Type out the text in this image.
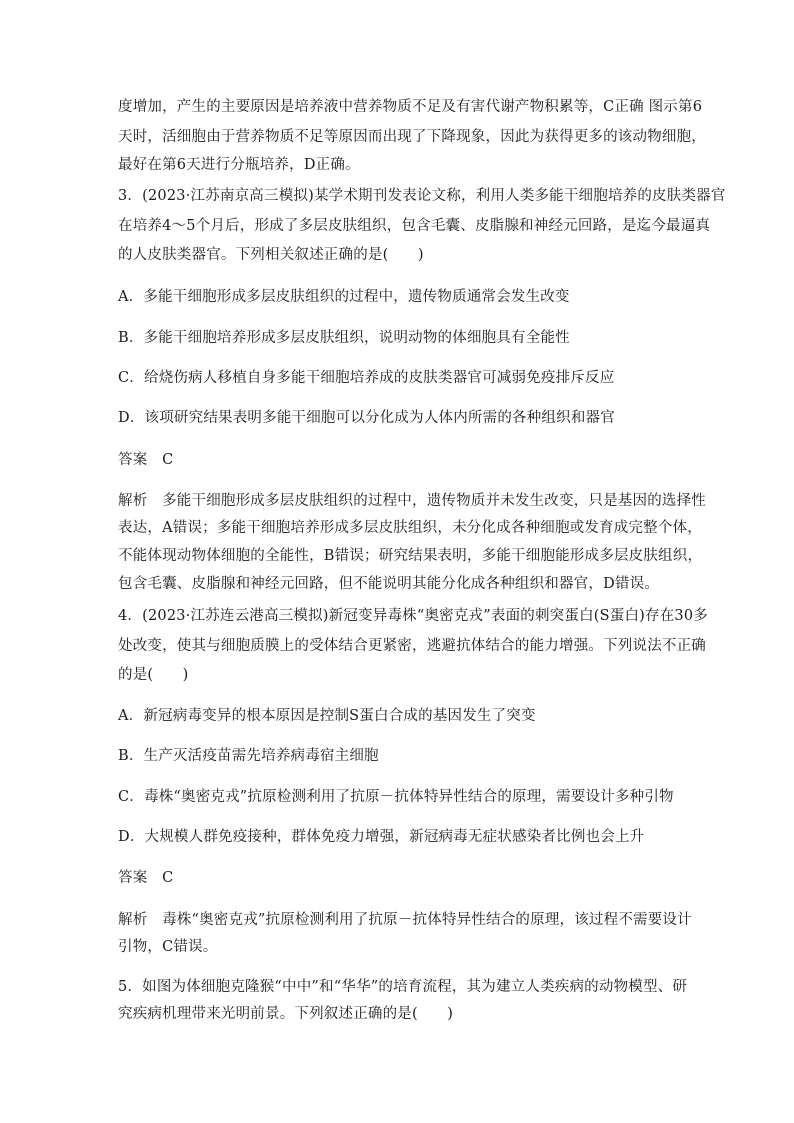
度增加，产生的主要原因是培养液中营养物质不足及有害代谢产物积累等，C正确 图示第6
天时，活细胞由于营养物质不足等原因而出现了下降现象，因此为获得更多的该动物细胞，
最好在第6天进行分瓶培养，D正确。
3．(2023·江苏南京高三模拟)某学术期刊发表论文称，利用人类多能干细胞培养的皮肤类器官
在培养4～5个月后，形成了多层皮肤组织，包含毛囊、皮脂腺和神经元回路，是迄今最逼真
的人皮肤类器官。下列相关叙述正确的是(　　)
A．多能干细胞形成多层皮肤组织的过程中，遗传物质通常会发生改变
B．多能干细胞培养形成多层皮肤组织，说明动物的体细胞具有全能性
C．给烧伤病人移植自身多能干细胞培养成的皮肤类器官可减弱免疫排斥反应
D．该项研究结果表明多能干细胞可以分化成为人体内所需的各种组织和器官
答案　C
解析　多能干细胞形成多层皮肤组织的过程中，遗传物质并未发生改变，只是基因的选择性
表达，A错误；多能干细胞培养形成多层皮肤组织，未分化成各种细胞或发育成完整个体，
不能体现动物体细胞的全能性，B错误；研究结果表明，多能干细胞能形成多层皮肤组织，
包含毛囊、皮脂腺和神经元回路，但不能说明其能分化成各种组织和器官，D错误。
4．(2023·江苏连云港高三模拟)新冠变异毒株“奥密克戎”表面的刺突蛋白(S蛋白)存在30多
处改变，使其与细胞质膜上的受体结合更紧密，逃避抗体结合的能力增强。下列说法不正确
的是(　　)
A．新冠病毒变异的根本原因是控制S蛋白合成的基因发生了突变
B．生产灭活疫苗需先培养病毒宿主细胞
C．毒株“奥密克戎”抗原检测利用了抗原－抗体特异性结合的原理，需要设计多种引物
D．大规模人群免疫接种，群体免疫力增强，新冠病毒无症状感染者比例也会上升
答案　C
解析　毒株“奥密克戎”抗原检测利用了抗原－抗体特异性结合的原理，该过程不需要设计
引物，C错误。
5．如图为体细胞克隆猴“中中”和“华华”的培育流程，其为建立人类疾病的动物模型、研
究疾病机理带来光明前景。下列叙述正确的是(　　)
